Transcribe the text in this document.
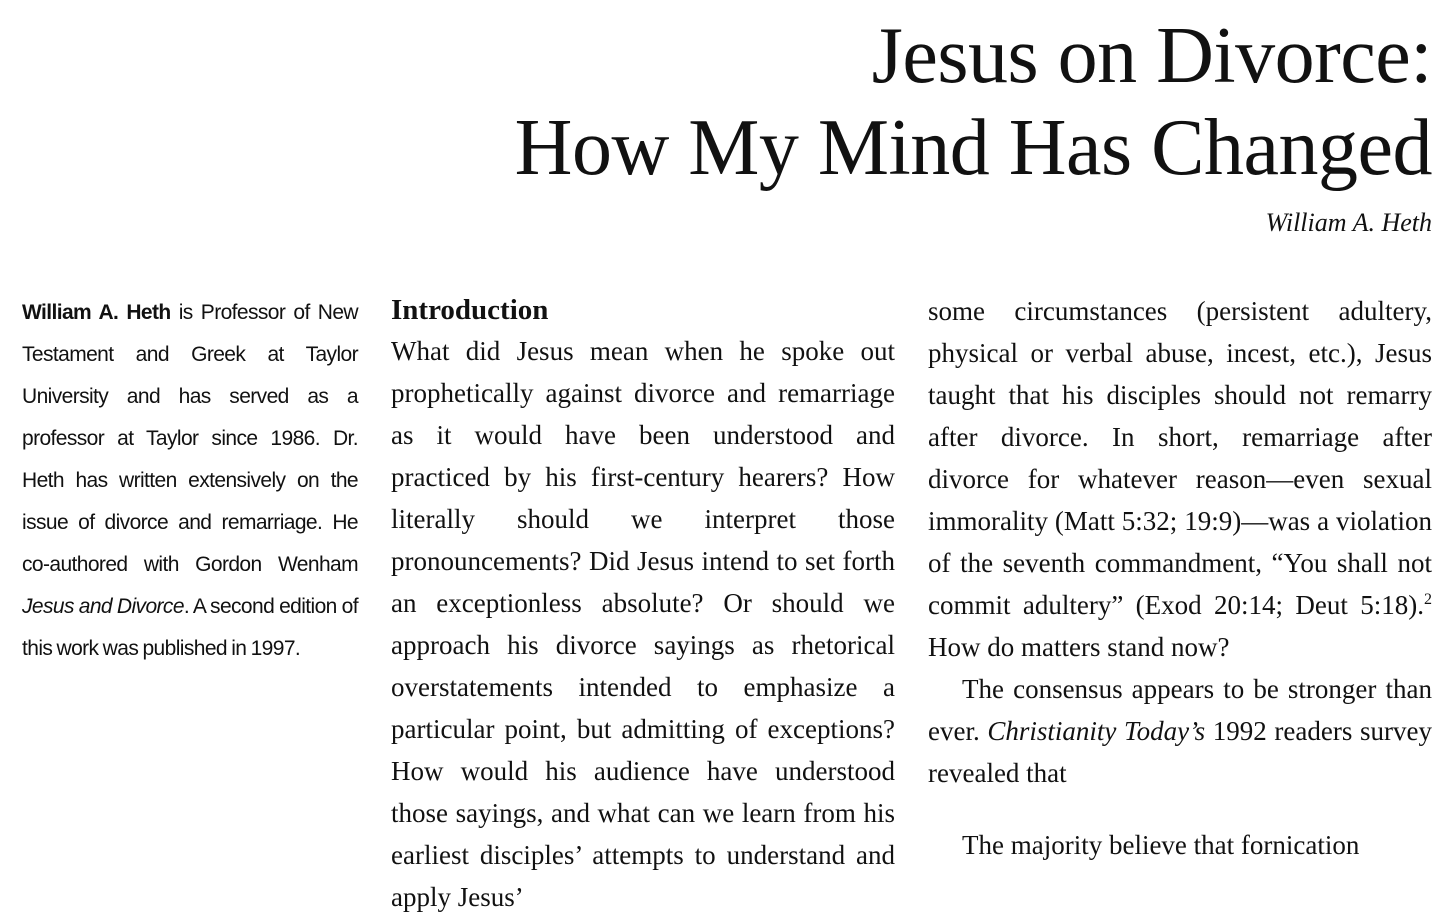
Jesus on Divorce:
How My Mind Has Changed

William A. Heth

William A. Heth is Professor of New Testament and Greek at Taylor University and has served as a professor at Taylor since 1986. Dr. Heth has written extensively on the issue of divorce and remarriage. He co-authored with Gordon Wenham Jesus and Divorce. A second edition of this work was published in 1997.

Introduction

What did Jesus mean when he spoke out prophetically against divorce and remarriage as it would have been understood and practiced by his first-century hearers? How literally should we interpret those pronouncements? Did Jesus intend to set forth an exceptionless absolute? Or should we approach his divorce sayings as rhetorical overstatements intended to emphasize a particular point, but admitting of exceptions? How would his audience have understood those sayings, and what can we learn from his earliest disciples’ attempts to understand and apply Jesus’

some circumstances (persistent adultery, physical or verbal abuse, incest, etc.), Jesus taught that his disciples should not remarry after divorce. In short, remarriage after divorce for whatever reason—even sexual immorality (Matt 5:32; 19:9)—was a violation of the seventh commandment, “You shall not commit adultery” (Exod 20:14; Deut 5:18).$^2$ How do matters stand now?

The consensus appears to be stronger than ever. Christianity Today’s 1992 readers survey revealed that

The majority believe that fornication
